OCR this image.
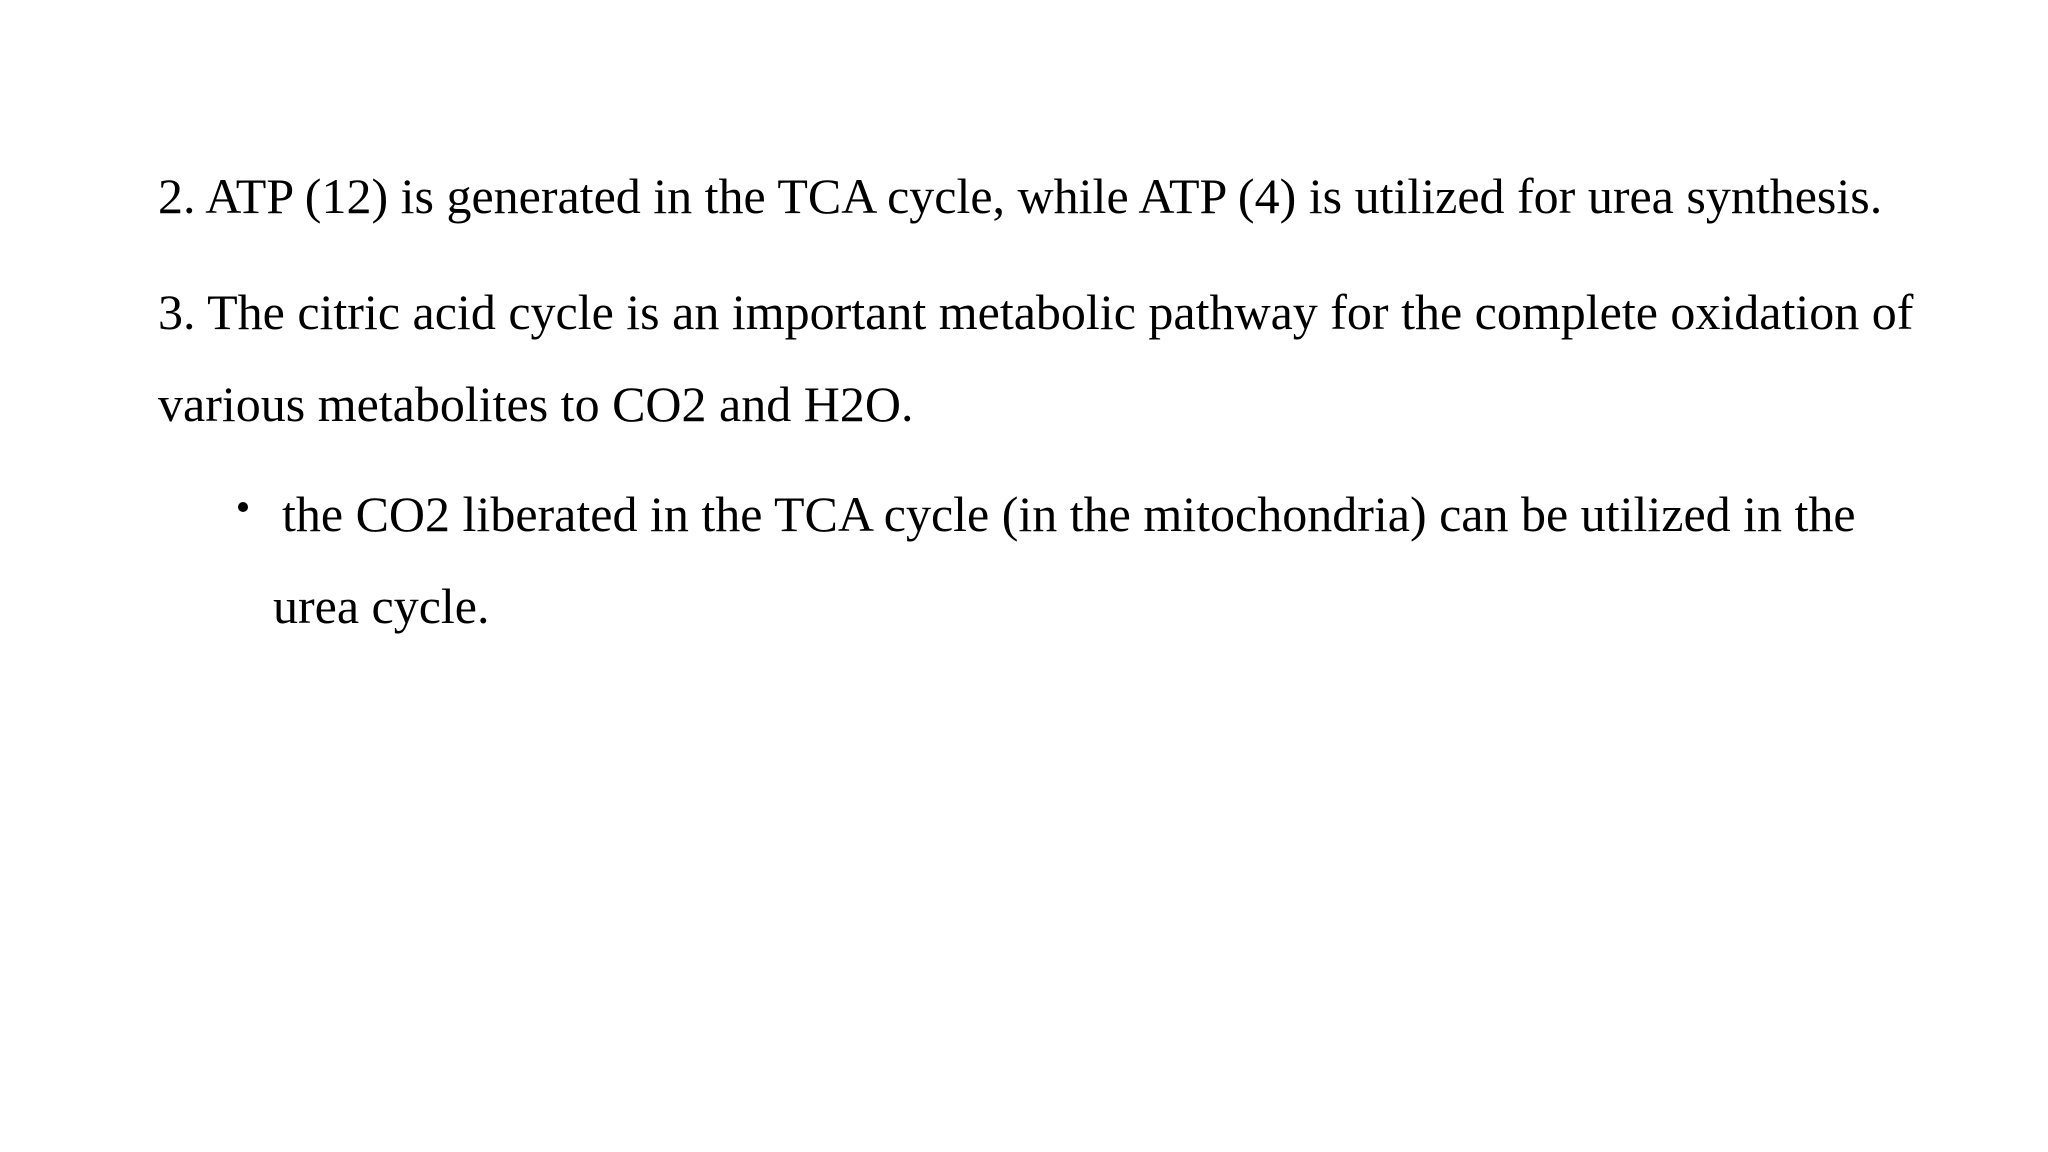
2. ATP (12) is generated in the TCA cycle, while ATP (4) is utilized for urea synthesis.

3. The citric acid cycle is an important metabolic pathway for the complete oxidation of various metabolites to CO2 and H2O.

the CO2 liberated in the TCA cycle (in the mitochondria) can be utilized in the urea cycle.
